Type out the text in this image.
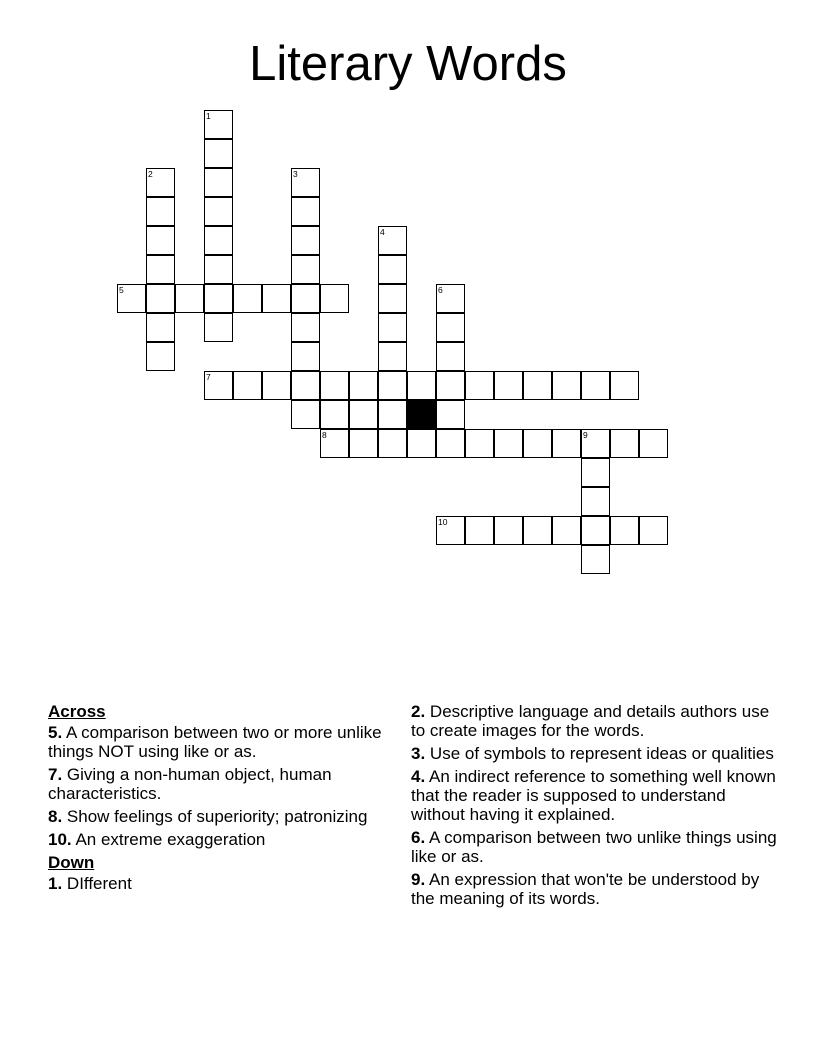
Literary Words
1
2	3
4
5	6
7
8	9
10
Across
5. A comparison between two or more unlike things NOT using like or as.
7. Giving a non-human object, human characteristics.
8. Show feelings of superiority; patronizing
10. An extreme exaggeration
Down
1. DIfferent
2. Descriptive language and details authors use to create images for the words.
3. Use of symbols to represent ideas or qualities
4. An indirect reference to something well known that the reader is supposed to understand without having it explained.
6. A comparison between two unlike things using like or as.
9. An expression that won'te be understood by the meaning of its words.
